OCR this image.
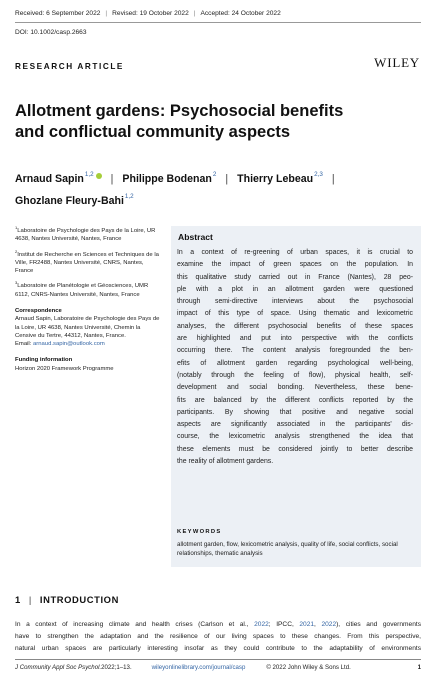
Received: 6 September 2022 | Revised: 19 October 2022 | Accepted: 24 October 2022
DOI: 10.1002/casp.2663
RESEARCH ARTICLE	WILEY
Allotment gardens: Psychosocial benefits and conflictual community aspects
Arnaud Sapin$^{1,2}$ | Philippe Bodenan$^2$ | Thierry Lebeau$^{2,3}$ |
Ghozlane Fleury-Bahi$^{1,2}$

$^1$Laboratoire de Psychologie des Pays de la Loire, UR 4638, Nantes Université, Nantes, France

$^2$Institut de Recherche en Sciences et Techniques de la Ville, FR2488, Nantes Université, CNRS, Nantes, France

$^3$Laboratoire de Planétologie et Géosciences, UMR 6112, CNRS-Nantes Université, Nantes, France

Correspondence

Arnaud Sapin, Laboratoire de Psychologie des Pays de la Loire, UR 4638, Nantes Université, Chemin la Censive du Tertre, 44312, Nantes, France.
Email: arnaud.sapin@outlook.com

Funding information

Horizon 2020 Framework Programme

Abstract
In a context of re-greening of urban spaces, it is crucial to
examine the impact of green spaces on the population. In
this qualitative study carried out in France (Nantes), 28 peo-
ple with a plot in an allotment garden were questioned
through semi-directive interviews about the psychosocial
impact of this type of space. Using thematic and lexicometric
analyses, the different psychosocial benefits of these spaces
are highlighted and put into perspective with the conflicts
occurring there. The content analysis foregrounded the ben-
efits of allotment garden regarding psychological well-being,
(notably through the feeling of flow), physical health, self-
development and social bonding. Nevertheless, these bene-
fits are balanced by the different conflicts reported by the
participants. By showing that positive and negative social
aspects are significantly associated in the participants' dis-
course, the lexicometric analysis strengthened the idea that
these elements must be considered jointly to better describe
the reality of allotment gardens.
KEYWORDS
allotment garden, flow, lexicometric analysis, quality of life, social conflicts, social relationships, thematic analysis
1 | INTRODUCTION
In a context of increasing climate and health crises (Carlson et al., 2022; IPCC, 2021, 2022), cities and governments
have to strengthen the adaptation and the resilience of our living spaces to these changes. From this perspective,
natural urban spaces are particularly interesting insofar as they could contribute to the adaptability of environments
J Community Appl Soc Psychol. 2022;1–13.	wileyonlinelibrary.com/journal/casp	© 2022 John Wiley & Sons Ltd.	1
